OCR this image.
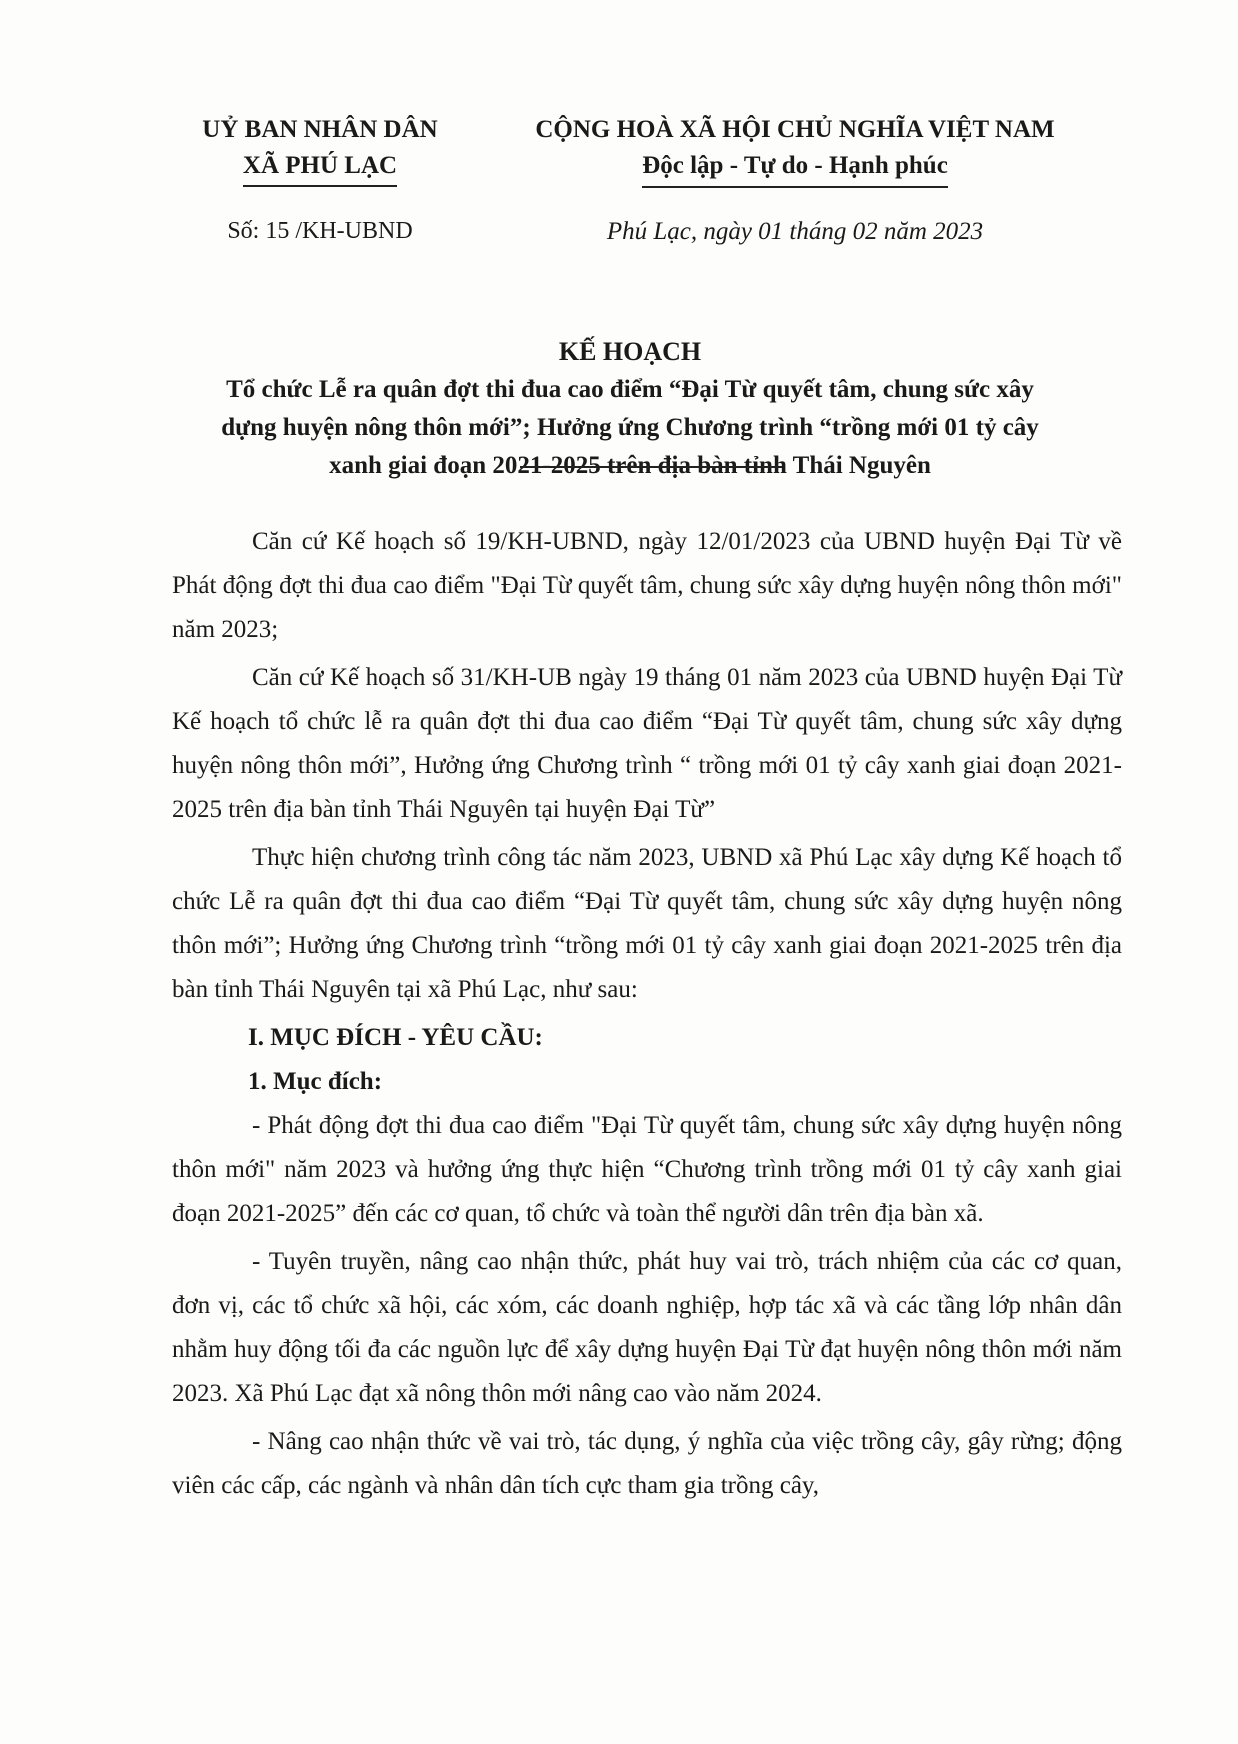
UỶ BAN NHÂN DÂN
XÃ PHÚ LẠC
CỘNG HOÀ XÃ HỘI CHỦ NGHĨA VIỆT NAM
Độc lập - Tự do - Hạnh phúc
Số: 15 /KH-UBND	Phú Lạc, ngày 01 tháng 02 năm 2023
KẾ HOẠCH
Tổ chức Lễ ra quân đợt thi đua cao điểm “Đại Từ quyết tâm, chung sức xây
dựng huyện nông thôn mới”; Hưởng ứng Chương trình “trồng mới 01 tỷ cây
xanh giai đoạn 2021-2025 trên địa bàn tỉnh Thái Nguyên

Căn cứ Kế hoạch số 19/KH-UBND, ngày 12/01/2023 của UBND huyện Đại Từ về Phát động đợt thi đua cao điểm "Đại Từ quyết tâm, chung sức xây dựng huyện nông thôn mới" năm 2023;

Căn cứ Kế hoạch số 31/KH-UB ngày 19 tháng 01 năm 2023 của UBND huyện Đại Từ Kế hoạch tổ chức lễ ra quân đợt thi đua cao điểm “Đại Từ quyết tâm, chung sức xây dựng huyện nông thôn mới”, Hưởng ứng Chương trình “ trồng mới 01 tỷ cây xanh giai đoạn 2021-2025 trên địa bàn tỉnh Thái Nguyên tại huyện Đại Từ”

Thực hiện chương trình công tác năm 2023, UBND xã Phú Lạc xây dựng Kế hoạch tổ chức Lễ ra quân đợt thi đua cao điểm “Đại Từ quyết tâm, chung sức xây dựng huyện nông thôn mới”; Hưởng ứng Chương trình “trồng mới 01 tỷ cây xanh giai đoạn 2021-2025 trên địa bàn tỉnh Thái Nguyên tại xã Phú Lạc, như sau:

I. MỤC ĐÍCH - YÊU CẦU:

1. Mục đích:

- Phát động đợt thi đua cao điểm "Đại Từ quyết tâm, chung sức xây dựng huyện nông thôn mới" năm 2023 và hưởng ứng thực hiện “Chương trình trồng mới 01 tỷ cây xanh giai đoạn 2021-2025” đến các cơ quan, tổ chức và toàn thể người dân trên địa bàn xã.

- Tuyên truyền, nâng cao nhận thức, phát huy vai trò, trách nhiệm của các cơ quan, đơn vị, các tổ chức xã hội, các xóm, các doanh nghiệp, hợp tác xã và các tầng lớp nhân dân nhằm huy động tối đa các nguồn lực để xây dựng huyện Đại Từ đạt huyện nông thôn mới năm 2023. Xã Phú Lạc đạt xã nông thôn mới nâng cao vào năm 2024.

- Nâng cao nhận thức về vai trò, tác dụng, ý nghĩa của việc trồng cây, gây rừng; động viên các cấp, các ngành và nhân dân tích cực tham gia trồng cây,
